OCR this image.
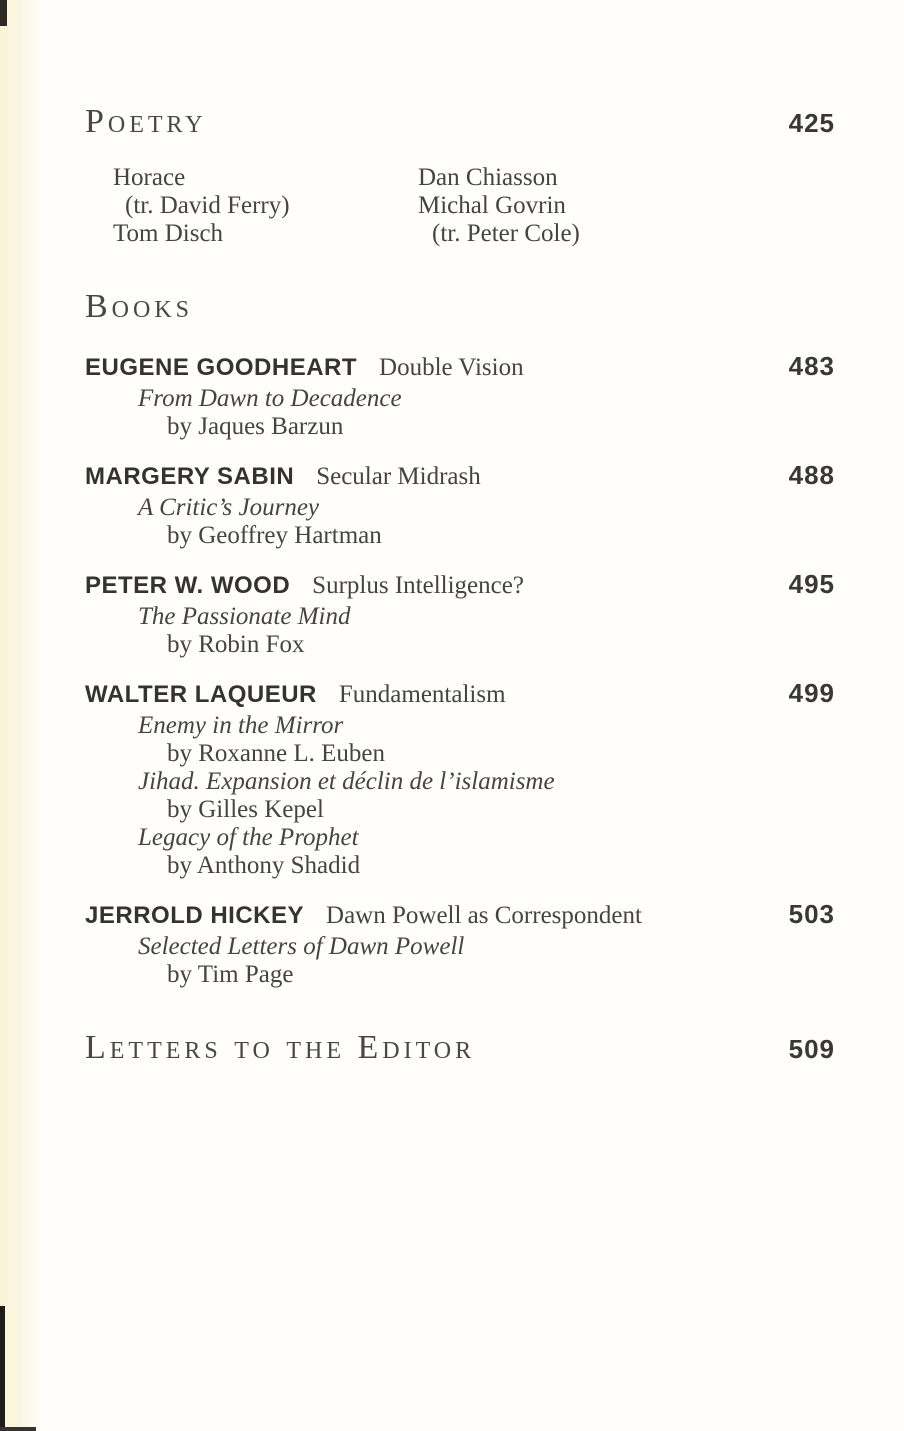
Poetry	425
Horace
(tr. David Ferry)
Tom Disch
Dan Chiasson
Michal Govrin
(tr. Peter Cole)
Books
EUGENE GOODHEART Double Vision	483
From Dawn to Decadence
by Jaques Barzun
MARGERY SABIN Secular Midrash	488
A Critic’s Journey
by Geoffrey Hartman
PETER W. WOOD Surplus Intelligence?	495
The Passionate Mind
by Robin Fox
WALTER LAQUEUR Fundamentalism	499
Enemy in the Mirror
by Roxanne L. Euben
Jihad. Expansion et déclin de l’islamisme
by Gilles Kepel
Legacy of the Prophet
by Anthony Shadid
JERROLD HICKEY Dawn Powell as Correspondent	503
Selected Letters of Dawn Powell
by Tim Page
Letters to the Editor	509
